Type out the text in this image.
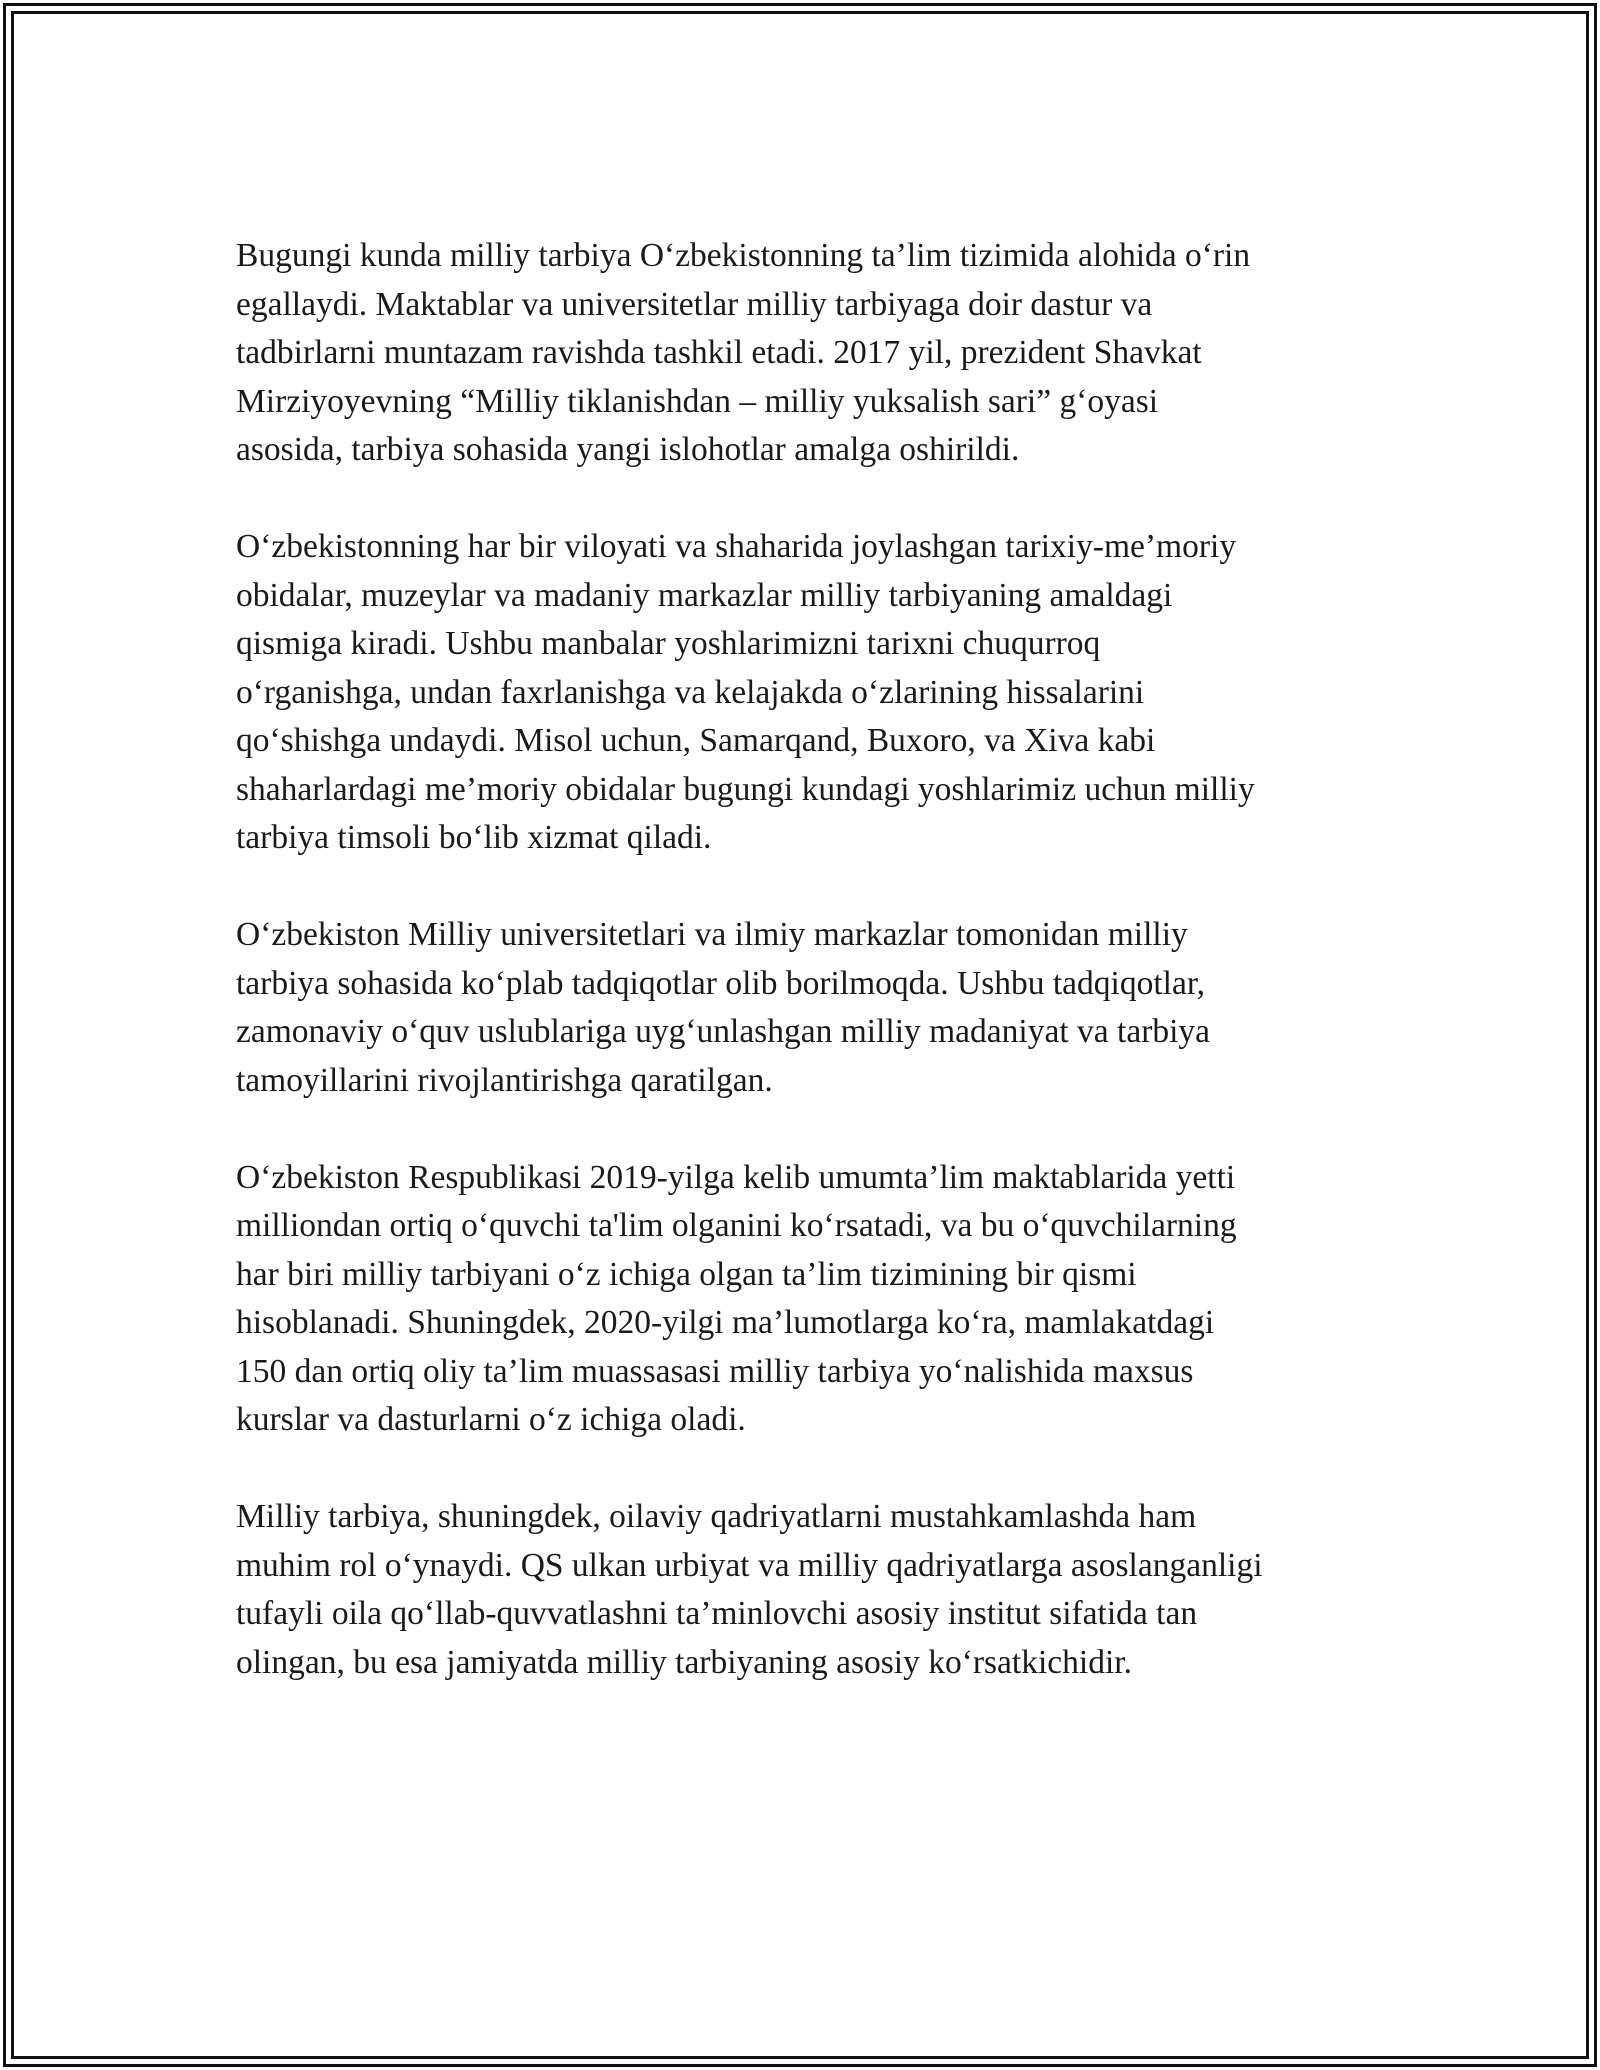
Bugungi kunda milliy tarbiya O‘zbekistonning ta’lim tizimida alohida o‘rin
egallaydi. Maktablar va universitetlar milliy tarbiyaga doir dastur va
tadbirlarni muntazam ravishda tashkil etadi. 2017 yil, prezident Shavkat
Mirziyoyevning “Milliy tiklanishdan – milliy yuksalish sari” g‘oyasi
asosida, tarbiya sohasida yangi islohotlar amalga oshirildi.

O‘zbekistonning har bir viloyati va shaharida joylashgan tarixiy-me’moriy
obidalar, muzeylar va madaniy markazlar milliy tarbiyaning amaldagi
qismiga kiradi. Ushbu manbalar yoshlarimizni tarixni chuqurroq
o‘rganishga, undan faxrlanishga va kelajakda o‘zlarining hissalarini
qo‘shishga undaydi. Misol uchun, Samarqand, Buxoro, va Xiva kabi
shaharlardagi me’moriy obidalar bugungi kundagi yoshlarimiz uchun milliy
tarbiya timsoli bo‘lib xizmat qiladi.

O‘zbekiston Milliy universitetlari va ilmiy markazlar tomonidan milliy
tarbiya sohasida ko‘plab tadqiqotlar olib borilmoqda. Ushbu tadqiqotlar,
zamonaviy o‘quv uslublariga uyg‘unlashgan milliy madaniyat va tarbiya
tamoyillarini rivojlantirishga qaratilgan.

O‘zbekiston Respublikasi 2019-yilga kelib umumta’lim maktablarida yetti
milliondan ortiq o‘quvchi ta'lim olganini ko‘rsatadi, va bu o‘quvchilarning
har biri milliy tarbiyani o‘z ichiga olgan ta’lim tizimining bir qismi
hisoblanadi. Shuningdek, 2020-yilgi ma’lumotlarga ko‘ra, mamlakatdagi
150 dan ortiq oliy ta’lim muassasasi milliy tarbiya yo‘nalishida maxsus
kurslar va dasturlarni o‘z ichiga oladi.

Milliy tarbiya, shuningdek, oilaviy qadriyatlarni mustahkamlashda ham
muhim rol o‘ynaydi. QS ulkan urbiyat va milliy qadriyatlarga asoslanganligi
tufayli oila qo‘llab-quvvatlashni ta’minlovchi asosiy institut sifatida tan
olingan, bu esa jamiyatda milliy tarbiyaning asosiy ko‘rsatkichidir.
